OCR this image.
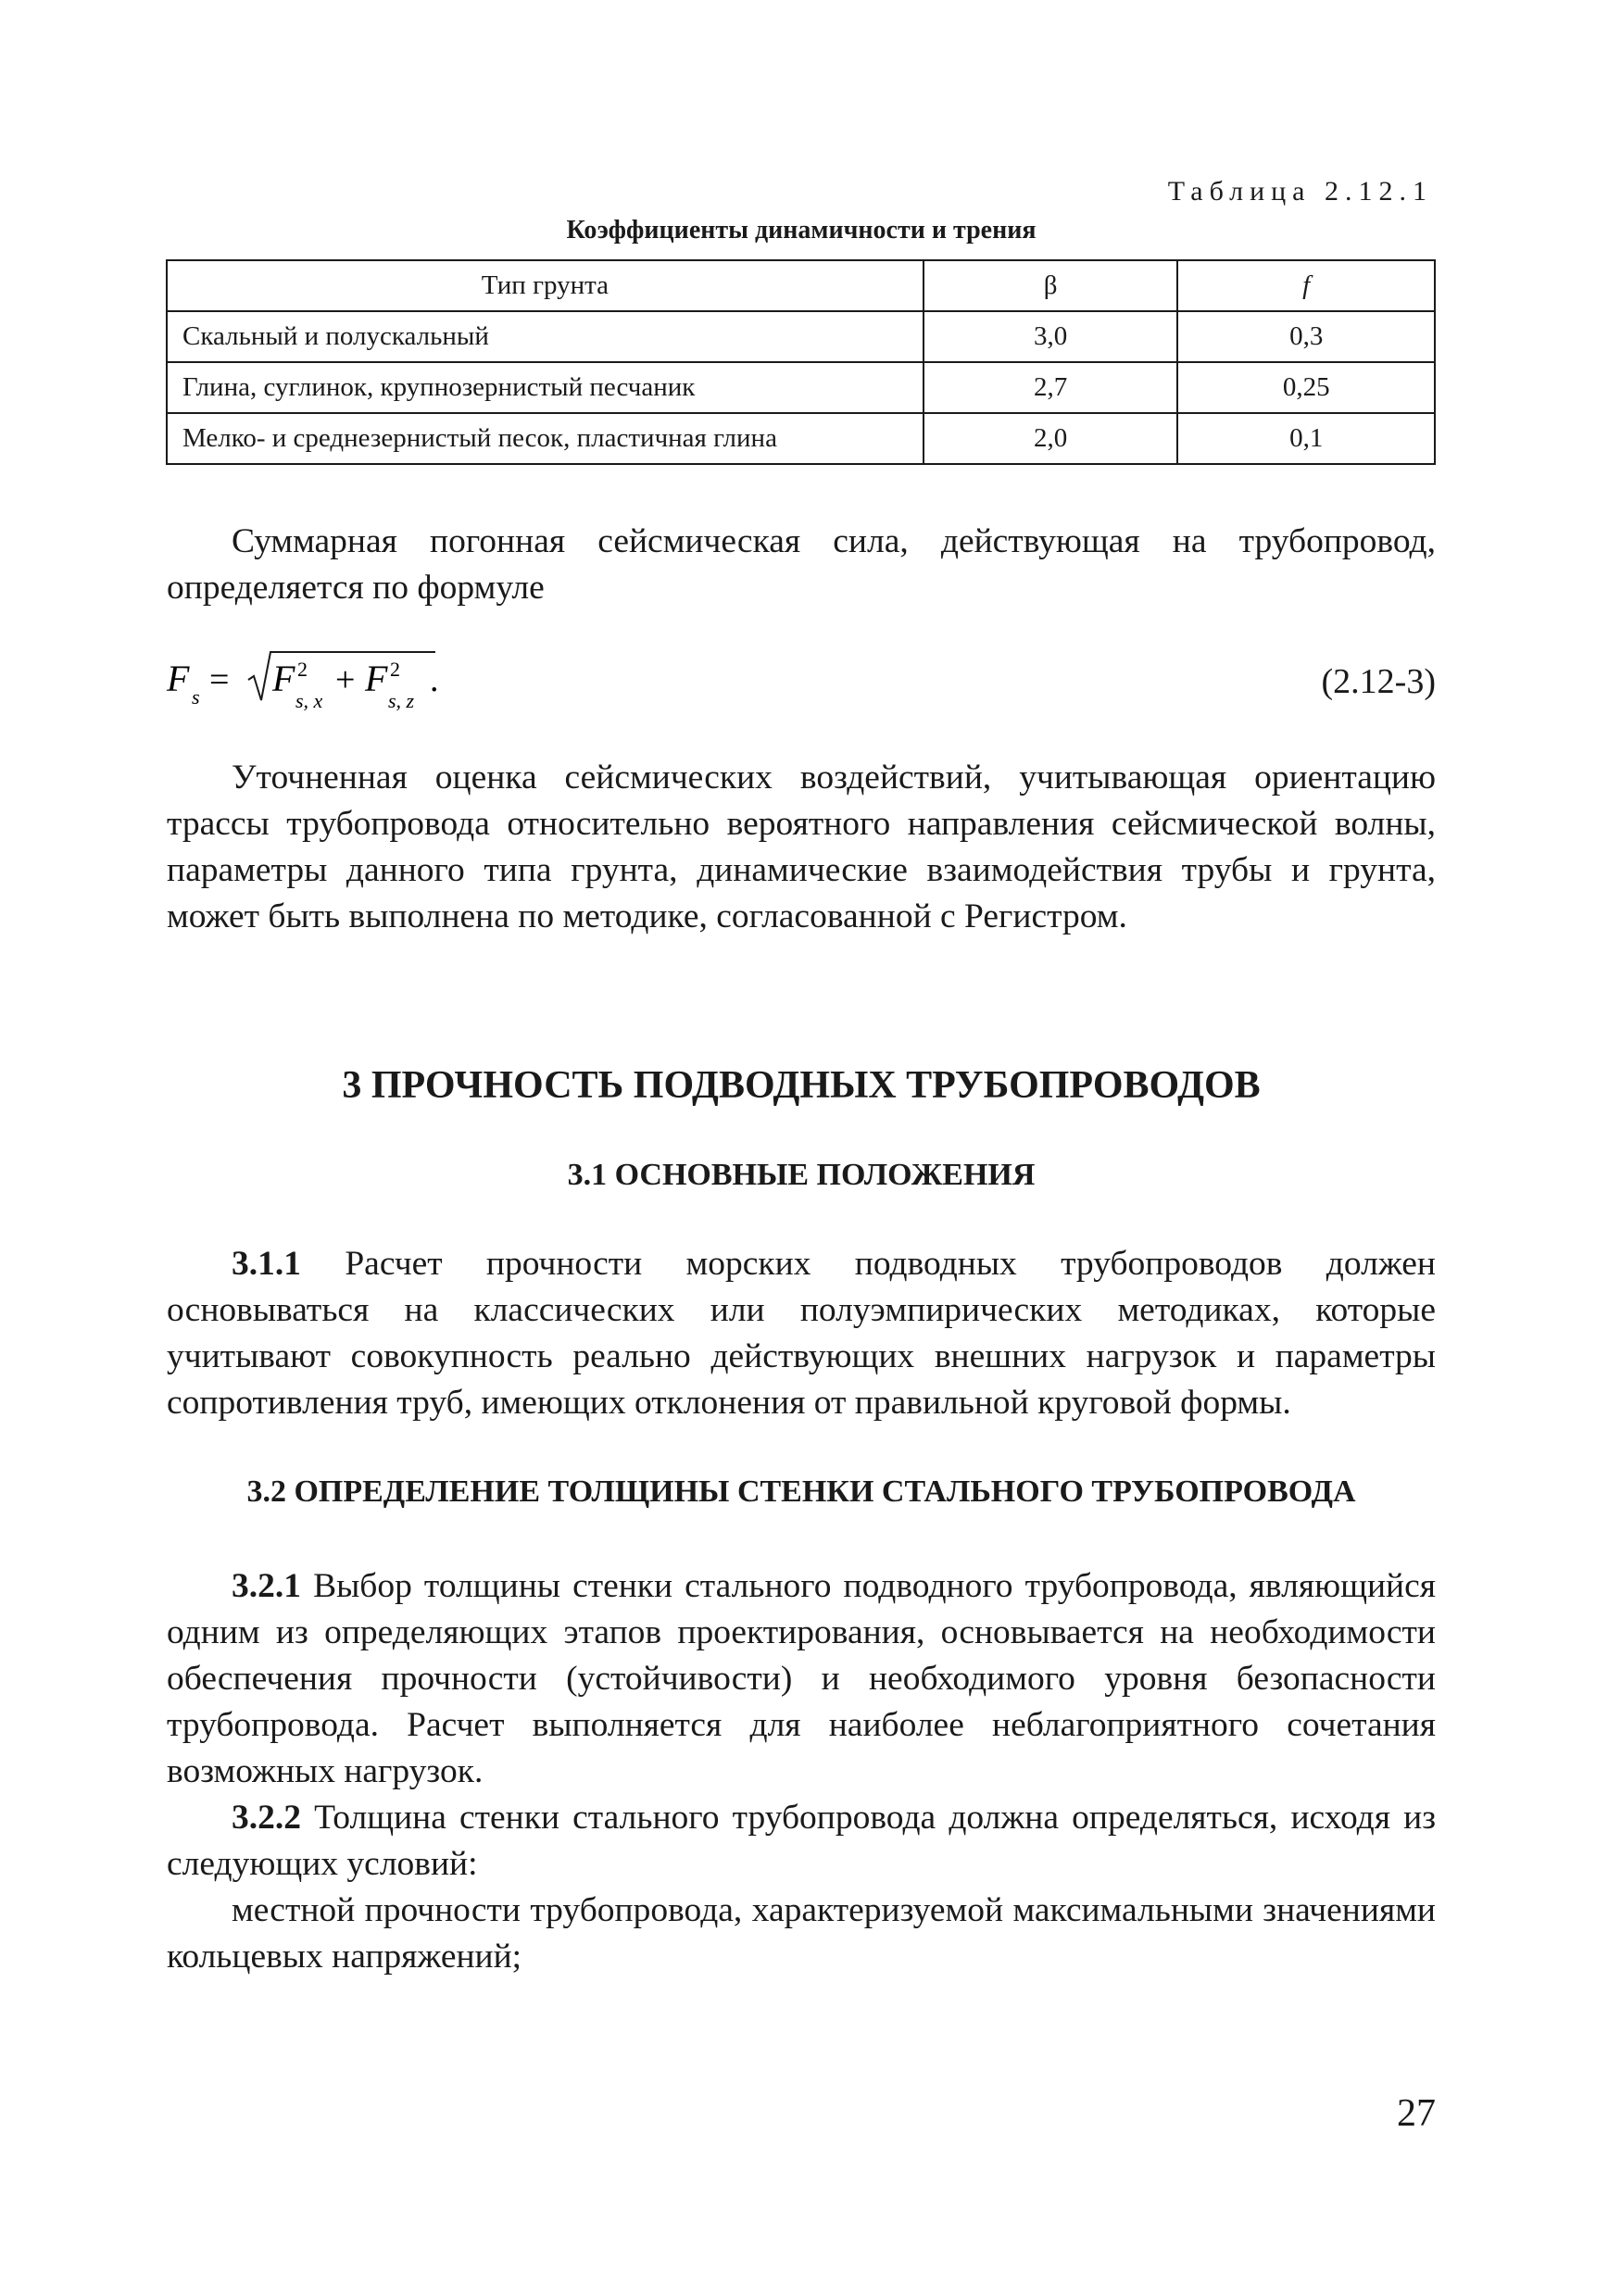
Таблица 2.12.1
Коэффициенты динамичности и трения
Тип грунта	β	f
Скальный и полускальный	3,0	0,3
Глина, суглинок, крупнозернистый песчаник	2,7	0,25
Мелко- и среднезернистый песок, пластичная глина	2,0	0,1

Суммарная погонная сейсмическая сила, действующая на трубопровод, определяется по формуле

F s = F 2
s, x
+ F 2
s, z
.	(2.12-3)

Уточненная оценка сейсмических воздействий, учитывающая ориентацию трассы трубопровода относительно вероятного направления сейсмической волны, параметры данного типа грунта, динамические взаимодействия трубы и грунта, может быть выполнена по методике, согласованной с Регистром.

3 ПРОЧНОСТЬ ПОДВОДНЫХ ТРУБОПРОВОДОВ
3.1 ОСНОВНЫЕ ПОЛОЖЕНИЯ

3.1.1 Расчет прочности морских подводных трубопроводов должен основываться на классических или полуэмпирических методиках, которые учитывают совокупность реально действующих внешних нагрузок и параметры сопротивления труб, имеющих отклонения от правильной круговой формы.

3.2 ОПРЕДЕЛЕНИЕ ТОЛЩИНЫ СТЕНКИ СТАЛЬНОГО ТРУБОПРОВОДА

3.2.1 Выбор толщины стенки стального подводного трубопровода, являющийся одним из определяющих этапов проектирования, основывается на необходимости обеспечения прочности (устойчивости) и необходимого уровня безопасности трубопровода. Расчет выполняется для наиболее неблагоприятного сочетания возможных нагрузок.

3.2.2 Толщина стенки стального трубопровода должна определяться, исходя из следующих условий:

местной прочности трубопровода, характеризуемой максимальными значениями кольцевых напряжений;

27
